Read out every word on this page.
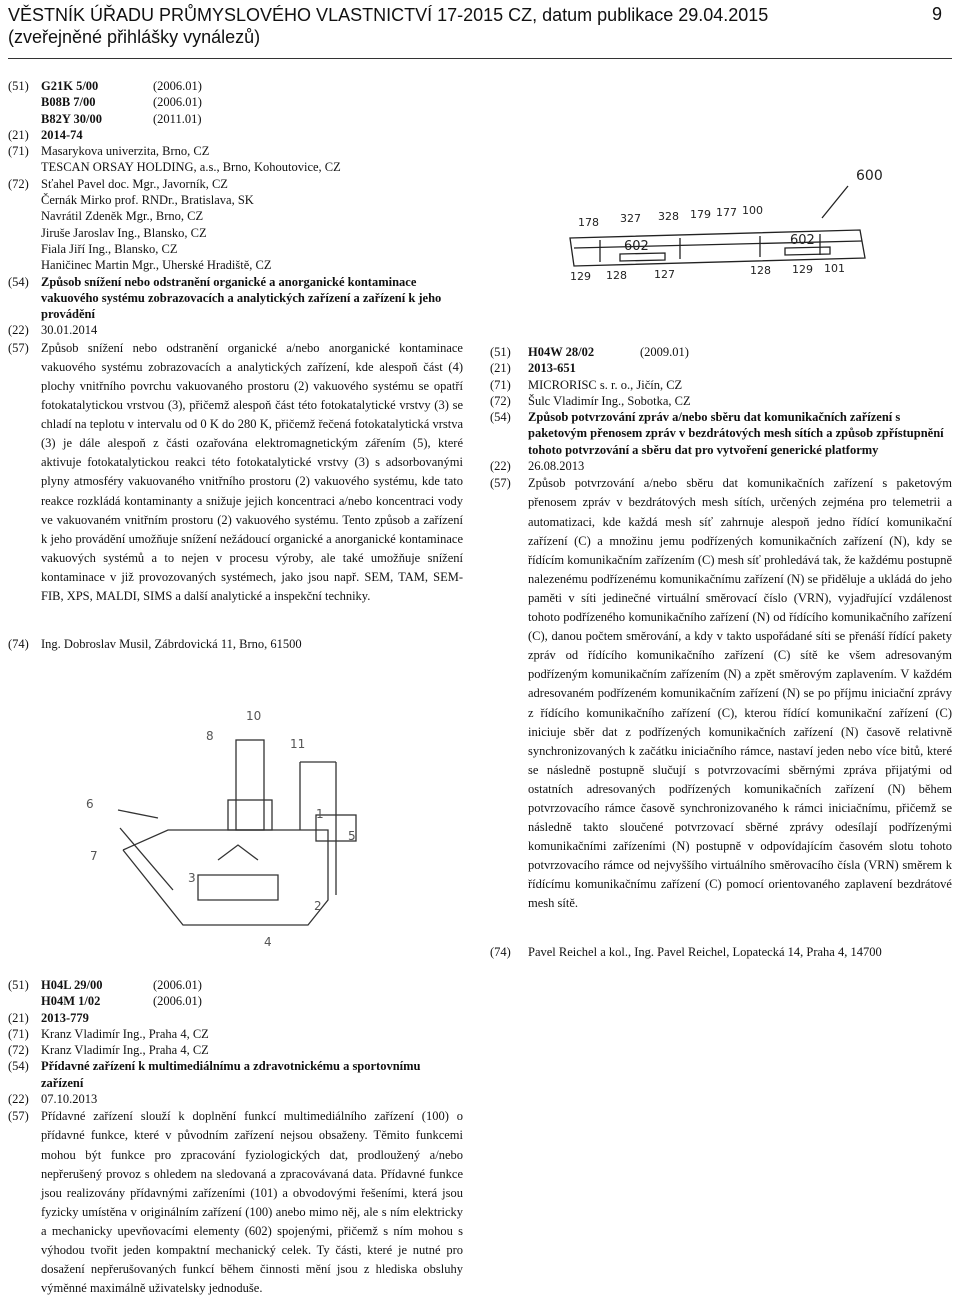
VĚSTNÍK ÚŘADU PRŮMYSLOVÉHO VLASTNICTVÍ 17-2015 CZ, datum publikace 29.04.2015	9
(zveřejněné přihlášky vynálezů)
(51) G21K 5/00	(2006.01)
B08B 7/00	(2006.01)
B82Y 30/00	(2011.01)
(21) 2014-74
(71) Masarykova univerzita, Brno, CZ
TESCAN ORSAY HOLDING, a.s., Brno, Kohoutovice, CZ
(72) Sťahel Pavel doc. Mgr., Javorník, CZ
Černák Mirko prof. RNDr., Bratislava, SK
Navrátil Zdeněk Mgr., Brno, CZ
Jiruše Jaroslav Ing., Blansko, CZ
Fiala Jiří Ing., Blansko, CZ
Haničinec Martin Mgr., Uherské Hradiště, CZ
(54) Způsob snížení nebo odstranění organické a anorganické kontaminace vakuového systému zobrazovacích a analytických zařízení a zařízení k jeho provádění
(22) 30.01.2014
(57) Způsob snížení nebo odstranění organické a/nebo anorganické kontaminace vakuového systému zobrazovacích a analytických zařízení, kde alespoň část (4) plochy vnitřního povrchu vakuovaného prostoru (2) vakuového systému se opatří fotokatalytickou vrstvou (3), přičemž alespoň část této fotokatalytické vrstvy (3) se chladí na teplotu v intervalu od 0 K do 280 K, přičemž řečená fotokatalytická vrstva (3) je dále alespoň z části ozařována elektromagnetickým zářením (5), které aktivuje fotokatalytickou reakci této fotokatalytické vrstvy (3) s adsorbovanými plyny atmosféry vakuovaného vnitřního prostoru (2) vakuového systému, kde tato reakce rozkládá kontaminanty a snižuje jejich koncentraci a/nebo koncentraci vody ve vakuovaném vnitřním prostoru (2) vakuového systému. Tento způsob a zařízení k jeho provádění umožňuje snížení nežádoucí organické a anorganické kontaminace vakuových systémů a to nejen v procesu výroby, ale také umožňuje snížení kontaminace v již provozovaných systémech, jako jsou např. SEM, TAM, SEM-FIB, XPS, MALDI, SIMS a další analytické a inspekční techniky.
(74) Ing. Dobroslav Musil, Zábrdovická 11, Brno, 61500
600
178 327 328 179 177 100
602	602
129 128 127	128 129 101
10
8
6
11
1
5
2
3
4
7
(51) H04W 28/02	(2009.01)
(21) 2013-651
(71) MICRORISC s. r. o., Jičín, CZ
(72) Šulc Vladimír Ing., Sobotka, CZ
(54) Způsob potvrzování zpráv a/nebo sběru dat komunikačních zařízení s paketovým přenosem zpráv v bezdrátových mesh sítích a způsob zpřístupnění tohoto potvrzování a sběru dat pro vytvoření generické platformy
(22) 26.08.2013
(57) Způsob potvrzování a/nebo sběru dat komunikačních zařízení s paketovým přenosem zpráv v bezdrátových mesh sítích, určených zejména pro telemetrii a automatizaci, kde každá mesh síť zahrnuje alespoň jedno řídící komunikační zařízení (C) a množinu jemu podřízených komunikačních zařízení (N), kdy se řídícím komunikačním zařízením (C) mesh síť prohledává tak, že každému postupně nalezenému podřízenému komunikačnímu zařízení (N) se přiděluje a ukládá do jeho paměti v síti jedinečné virtuální směrovací číslo (VRN), vyjadřující vzdálenost tohoto podřízeného komunikačního zařízení (N) od řídícího komunikačního zařízení (C), danou počtem směrování, a kdy v takto uspořádané síti se přenáší řídící pakety zpráv od řídícího komunikačního zařízení (C) sítě ke všem adresovaným podřízeným komunikačním zařízením (N) a zpět směrovým zaplavením. V každém adresovaném podřízeném komunikačním zařízení (N) se po příjmu iniciační zprávy z řídícího komunikačního zařízení (C), kterou řídící komunikační zařízení (C) iniciuje sběr dat z podřízených komunikačních zařízení (N) časově relativně synchronizovaných k začátku iniciačního rámce, nastaví jeden nebo více bitů, které se následně postupně slučují s potvrzovacími sběrnými zpráva přijatými od ostatních adresovaných podřízených komunikačních zařízení (N) během potvrzovacího rámce časově synchronizovaného k rámci iniciačnímu, přičemž se následně takto sloučené potvrzovací sběrné zprávy odesílají podřízenými komunikačními zařízeními (N) postupně v odpovídajícím časovém slotu tohoto potvrzovacího rámce od nejvyššího virtuálního směrovacího čísla (VRN) směrem k řídícímu komunikačnímu zařízení (C) pomocí orientovaného zaplavení bezdrátové mesh sítě.
(74) Pavel Reichel a kol., Ing. Pavel Reichel, Lopatecká 14, Praha 4, 14700
(51) H04L 29/00	(2006.01)
H04M 1/02	(2006.01)
(21) 2013-779
(71) Kranz Vladimír Ing., Praha 4, CZ
(72) Kranz Vladimír Ing., Praha 4, CZ
(54) Přídavné zařízení k multimediálnímu a zdravotnickému a sportovnímu zařízení
(22) 07.10.2013
(57) Přídavné zařízení slouží k doplnění funkcí multimediálního zařízení (100) o přídavné funkce, které v původním zařízení nejsou obsaženy. Těmito funkcemi mohou být funkce pro zpracování fyziologických dat, prodloužený a/nebo nepřerušený provoz s ohledem na sledovaná a zpracovávaná data. Přídavné funkce jsou realizovány přídavnými zařízeními (101) a obvodovými řešeními, která jsou fyzicky umístěna v originálním zařízení (100) anebo mimo něj, ale s ním elektricky a mechanicky upevňovacími elementy (602) spojenými, přičemž s ním mohou s výhodou tvořit jeden kompaktní mechanický celek. Ty části, které je nutné pro dosažení nepřerušovaných funkcí během činnosti mění jsou z hlediska obsluhy výměnné maximálně uživatelsky jednoduše.
